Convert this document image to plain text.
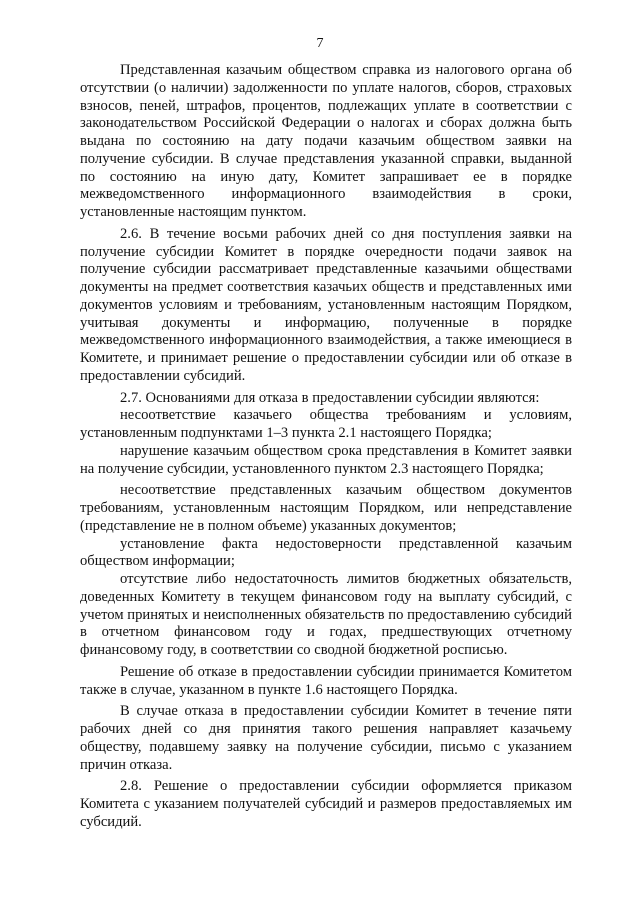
7

Представленная казачьим обществом справка из налогового органа об отсутствии (о наличии) задолженности по уплате налогов, сборов, страховых взносов, пеней, штрафов, процентов, подлежащих уплате в соответствии с законодательством Российской Федерации о налогах и сборах должна быть выдана по состоянию на дату подачи казачьим обществом заявки на получение субсидии. В случае представления указанной справки, выданной по состоянию на иную дату, Комитет запрашивает ее в порядке межведомственного информационного взаимодействия в сроки, установленные настоящим пунктом.

2.6. В течение восьми рабочих дней со дня поступления заявки на получение субсидии Комитет в порядке очередности подачи заявок на получение субсидии рассматривает представленные казачьими обществами документы на предмет соответствия казачьих обществ и представленных ими документов условиям и требованиям, установленным настоящим Порядком, учитывая документы и информацию, полученные в порядке межведомственного информационного взаимодействия, а также имеющиеся в Комитете, и принимает решение о предоставлении субсидии или об отказе в предоставлении субсидий.

2.7. Основаниями для отказа в предоставлении субсидии являются:

несоответствие казачьего общества требованиям и условиям, установленным подпунктами 1–3 пункта 2.1 настоящего Порядка;

нарушение казачьим обществом срока представления в Комитет заявки на получение субсидии, установленного пунктом 2.3 настоящего Порядка;

несоответствие представленных казачьим обществом документов требованиям, установленным настоящим Порядком, или непредставление (представление не в полном объеме) указанных документов;

установление факта недостоверности представленной казачьим обществом информации;

отсутствие либо недостаточность лимитов бюджетных обязательств, доведенных Комитету в текущем финансовом году на выплату субсидий, с учетом принятых и неисполненных обязательств по предоставлению субсидий в отчетном финансовом году и годах, предшествующих отчетному финансовому году, в соответствии со сводной бюджетной росписью.

Решение об отказе в предоставлении субсидии принимается Комитетом также в случае, указанном в пункте 1.6 настоящего Порядка.

В случае отказа в предоставлении субсидии Комитет в течение пяти рабочих дней со дня принятия такого решения направляет казачьему обществу, подавшему заявку на получение субсидии, письмо с указанием причин отказа.

2.8. Решение о предоставлении субсидии оформляется приказом Комитета с указанием получателей субсидий и размеров предоставляемых им субсидий.
